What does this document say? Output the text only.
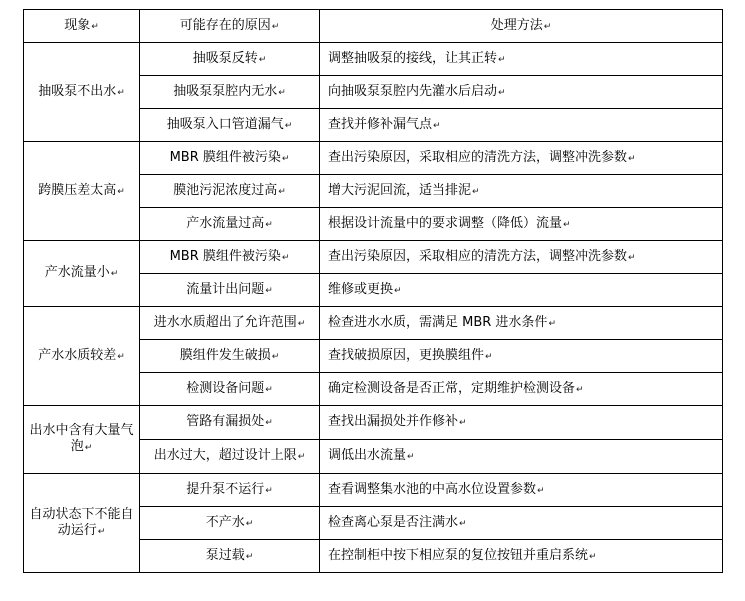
现象↵	可能存在的原因↵	处理方法↵
抽吸泵不出水↵	抽吸泵反转↵	调整抽吸泵的接线，让其正转↵
	抽吸泵泵腔内无水↵	向抽吸泵泵腔内先灌水后启动↵
	抽吸泵入口管道漏气↵	查找并修补漏气点↵
跨膜压差太高↵	MBR 膜组件被污染↵	查出污染原因，采取相应的清洗方法，调整冲洗参数↵
	膜池污泥浓度过高↵	增大污泥回流，适当排泥↵
	产水流量过高↵	根据设计流量中的要求调整（降低）流量↵
产水流量小↵	MBR 膜组件被污染↵	查出污染原因，采取相应的清洗方法，调整冲洗参数↵
	流量计出问题↵	维修或更换↵
产水水质较差↵	进水水质超出了允许范围↵	检查进水水质，需满足 MBR 进水条件↵
	膜组件发生破损↵	查找破损原因，更换膜组件↵
	检测设备问题↵	确定检测设备是否正常，定期维护检测设备↵
出水中含有大量气泡↵	管路有漏损处↵	查找出漏损处并作修补↵
	出水过大，超过设计上限↵	调低出水流量↵
自动状态下不能自动运行↵	提升泵不运行↵	查看调整集水池的中高水位设置参数↵
	不产水↵	检查离心泵是否注满水↵
	泵过载↵	在控制柜中按下相应泵的复位按钮并重启系统↵
